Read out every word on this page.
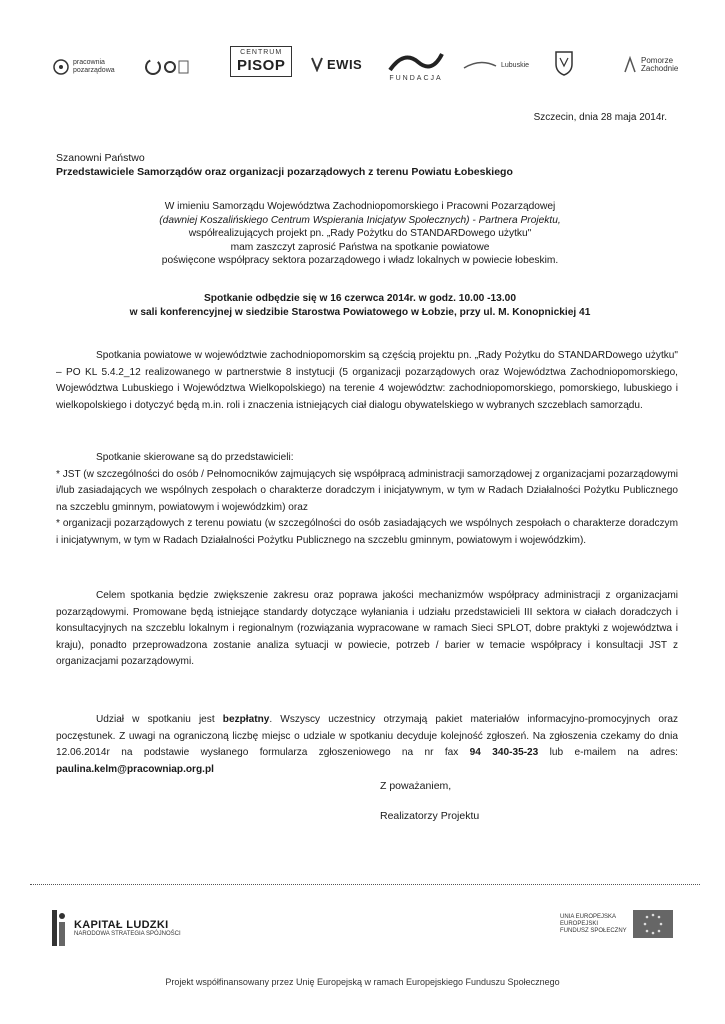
pracownia pozarządowa
CENTRUM
PISOP	EWIS
FUNDACJA
Lubuskie
Pomorze Zachodnie
Szczecin, dnia 28 maja 2014r.
Szanowni Państwo
Przedstawiciele Samorządów oraz organizacji pozarządowych z terenu Powiatu Łobeskiego
W imieniu Samorządu Województwa Zachodniopomorskiego i Pracowni Pozarządowej
(dawniej Koszalińskiego Centrum Wspierania Inicjatyw Społecznych) - Partnera Projektu,
współrealizujących projekt pn. „Rady Pożytku do STANDARDowego użytku"
mam zaszczyt zaprosić Państwa na spotkanie powiatowe
poświęcone współpracy sektora pozarządowego i władz lokalnych w powiecie łobeskim.
Spotkanie odbędzie się w 16 czerwca 2014r. w godz. 10.00 -13.00
w sali konferencyjnej w siedzibie Starostwa Powiatowego w Łobzie, przy ul. M. Konopnickiej 41
Spotkania powiatowe w województwie zachodniopomorskim są częścią projektu pn. „Rady Pożytku do STANDARDowego użytku" – PO KL 5.4.2_12 realizowanego w partnerstwie 8 instytucji (5 organizacji pozarządowych oraz Województwa Zachodniopomorskiego, Województwa Lubuskiego i Województwa Wielkopolskiego) na terenie 4 województw: zachodniopomorskiego, pomorskiego, lubuskiego i wielkopolskiego i dotyczyć będą m.in. roli i znaczenia istniejących ciał dialogu obywatelskiego w wybranych szczeblach samorządu.
Spotkanie skierowane są do przedstawicieli:
* JST (w szczególności do osób / Pełnomocników zajmujących się współpracą administracji samorządowej z organizacjami pozarządowymi i/lub zasiadających we wspólnych zespołach o charakterze doradczym i inicjatywnym, w tym w Radach Działalności Pożytku Publicznego na szczeblu gminnym, powiatowym i wojewódzkim) oraz
* organizacji pozarządowych z terenu powiatu (w szczególności do osób zasiadających we wspólnych zespołach o charakterze doradczym i inicjatywnym, w tym w Radach Działalności Pożytku Publicznego na szczeblu gminnym, powiatowym i wojewódzkim).
Celem spotkania będzie zwiększenie zakresu oraz poprawa jakości mechanizmów współpracy administracji z organizacjami pozarządowymi. Promowane będą istniejące standardy dotyczące wyłaniania i udziału przedstawicieli III sektora w ciałach doradczych i konsultacyjnych na szczeblu lokalnym i regionalnym (rozwiązania wypracowane w ramach Sieci SPLOT, dobre praktyki z województwa i kraju), ponadto przeprowadzona zostanie analiza sytuacji w powiecie, potrzeb / barier w temacie współpracy i konsultacji JST z organizacjami pozarządowymi.
Udział w spotkaniu jest bezpłatny. Wszyscy uczestnicy otrzymają pakiet materiałów informacyjno-promocyjnych oraz poczęstunek. Z uwagi na ograniczoną liczbę miejsc o udziale w spotkaniu decyduje kolejność zgłoszeń. Na zgłoszenia czekamy do dnia 12.06.2014r na podstawie wysłanego formularza zgłoszeniowego na nr fax 94 340-35-23 lub e-mailem na adres: paulina.kelm@pracowniap.org.pl
Z poważaniem,
Realizatorzy Projektu
KAPITAŁ LUDZKI
NARODOWA STRATEGIA SPÓJNOŚCI
UNIA EUROPEJSKA
EUROPEJSKI
FUNDUSZ SPOŁECZNY
Projekt współfinansowany przez Unię Europejską w ramach Europejskiego Funduszu Społecznego
